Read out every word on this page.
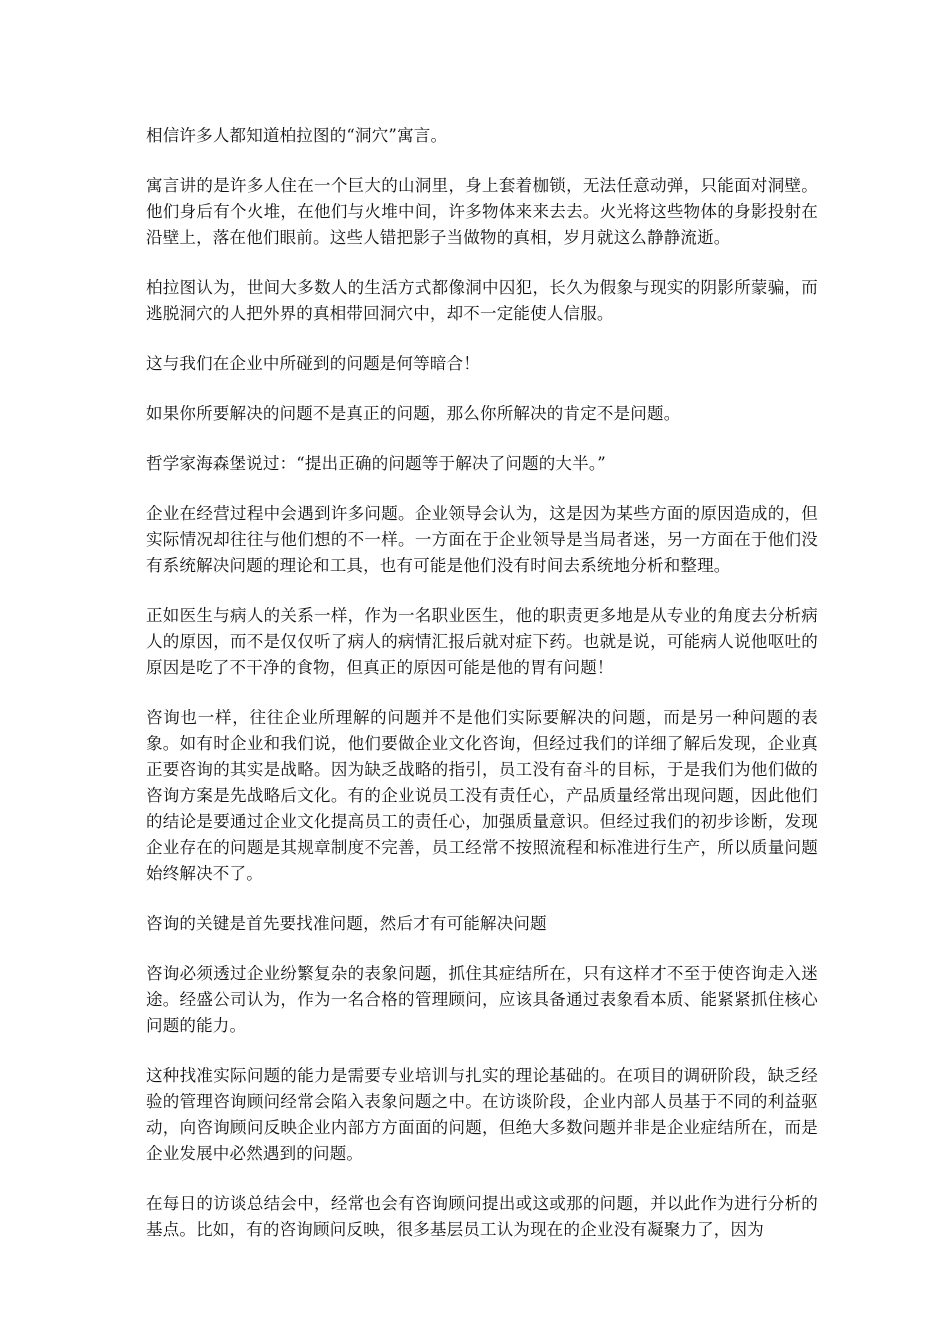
相信许多人都知道柏拉图的“洞穴”寓言。

寓言讲的是许多人住在一个巨大的山洞里，身上套着枷锁，无法任意动弹，只能面对洞壁。他们身后有个火堆，在他们与火堆中间，许多物体来来去去。火光将这些物体的身影投射在沿壁上，落在他们眼前。这些人错把影子当做物的真相，岁月就这么静静流逝。

柏拉图认为，世间大多数人的生活方式都像洞中囚犯，长久为假象与现实的阴影所蒙骗，而逃脱洞穴的人把外界的真相带回洞穴中，却不一定能使人信服。

这与我们在企业中所碰到的问题是何等暗合！

如果你所要解决的问题不是真正的问题，那么你所解决的肯定不是问题。

哲学家海森堡说过：“提出正确的问题等于解决了问题的大半。”

企业在经营过程中会遇到许多问题。企业领导会认为，这是因为某些方面的原因造成的，但实际情况却往往与他们想的不一样。一方面在于企业领导是当局者迷，另一方面在于他们没有系统解决问题的理论和工具，也有可能是他们没有时间去系统地分析和整理。

正如医生与病人的关系一样，作为一名职业医生，他的职责更多地是从专业的角度去分析病人的原因，而不是仅仅听了病人的病情汇报后就对症下药。也就是说，可能病人说他呕吐的原因是吃了不干净的食物，但真正的原因可能是他的胃有问题！

咨询也一样，往往企业所理解的问题并不是他们实际要解决的问题，而是另一种问题的表象。如有时企业和我们说，他们要做企业文化咨询，但经过我们的详细了解后发现，企业真正要咨询的其实是战略。因为缺乏战略的指引，员工没有奋斗的目标，于是我们为他们做的咨询方案是先战略后文化。有的企业说员工没有责任心，产品质量经常出现问题，因此他们的结论是要通过企业文化提高员工的责任心，加强质量意识。但经过我们的初步诊断，发现企业存在的问题是其规章制度不完善，员工经常不按照流程和标准进行生产，所以质量问题始终解决不了。

咨询的关键是首先要找准问题，然后才有可能解决问题

咨询必须透过企业纷繁复杂的表象问题，抓住其症结所在，只有这样才不至于使咨询走入迷途。经盛公司认为，作为一名合格的管理顾问，应该具备通过表象看本质、能紧紧抓住核心问题的能力。

这种找准实际问题的能力是需要专业培训与扎实的理论基础的。在项目的调研阶段，缺乏经验的管理咨询顾问经常会陷入表象问题之中。在访谈阶段，企业内部人员基于不同的利益驱动，向咨询顾问反映企业内部方方面面的问题，但绝大多数问题并非是企业症结所在，而是企业发展中必然遇到的问题。

在每日的访谈总结会中，经常也会有咨询顾问提出或这或那的问题，并以此作为进行分析的基点。比如，有的咨询顾问反映，很多基层员工认为现在的企业没有凝聚力了，因为
